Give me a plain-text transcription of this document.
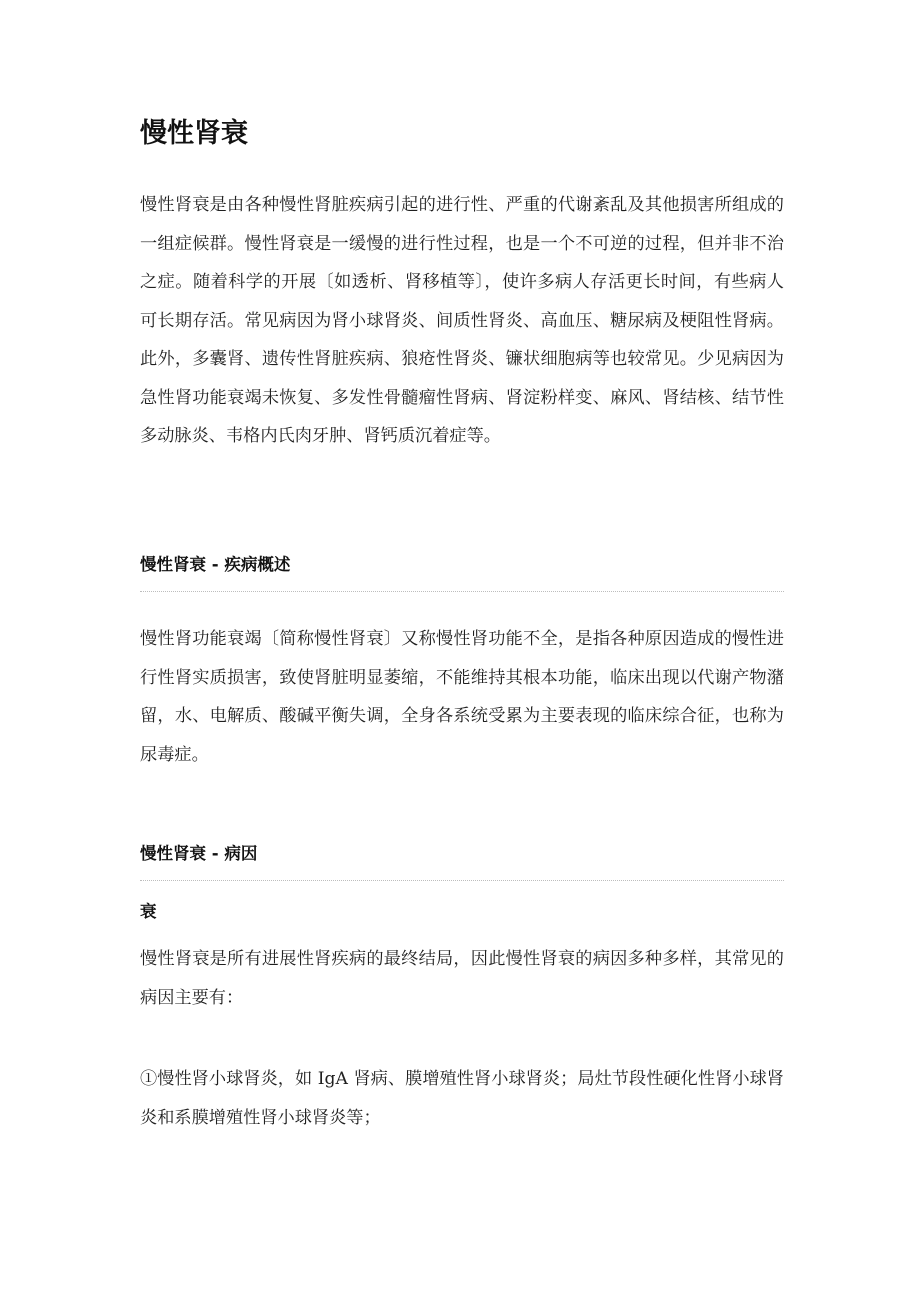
慢性肾衰

慢性肾衰是由各种慢性肾脏疾病引起的进行性、严重的代谢紊乱及其他损害所组成的一组症候群。慢性肾衰是一缓慢的进行性过程，也是一个不可逆的过程，但并非不治之症。随着科学的开展〔如透析、肾移植等〕，使许多病人存活更长时间，有些病人可长期存活。常见病因为肾小球肾炎、间质性肾炎、高血压、糖尿病及梗阻性肾病。此外，多囊肾、遗传性肾脏疾病、狼疮性肾炎、镰状细胞病等也较常见。少见病因为急性肾功能衰竭未恢复、多发性骨髓瘤性肾病、肾淀粉样变、麻风、肾结核、结节性多动脉炎、韦格内氏肉牙肿、肾钙质沉着症等。

慢性肾衰 - 疾病概述

慢性肾功能衰竭〔简称慢性肾衰〕又称慢性肾功能不全，是指各种原因造成的慢性进行性肾实质损害，致使肾脏明显萎缩，不能维持其根本功能，临床出现以代谢产物潴留，水、电解质、酸碱平衡失调，全身各系统受累为主要表现的临床综合征，也称为尿毒症。

慢性肾衰 - 病因
衰

慢性肾衰是所有进展性肾疾病的最终结局，因此慢性肾衰的病因多种多样，其常见的病因主要有：

①慢性肾小球肾炎，如 IgA 肾病、膜增殖性肾小球肾炎；局灶节段性硬化性肾小球肾炎和系膜增殖性肾小球肾炎等；
